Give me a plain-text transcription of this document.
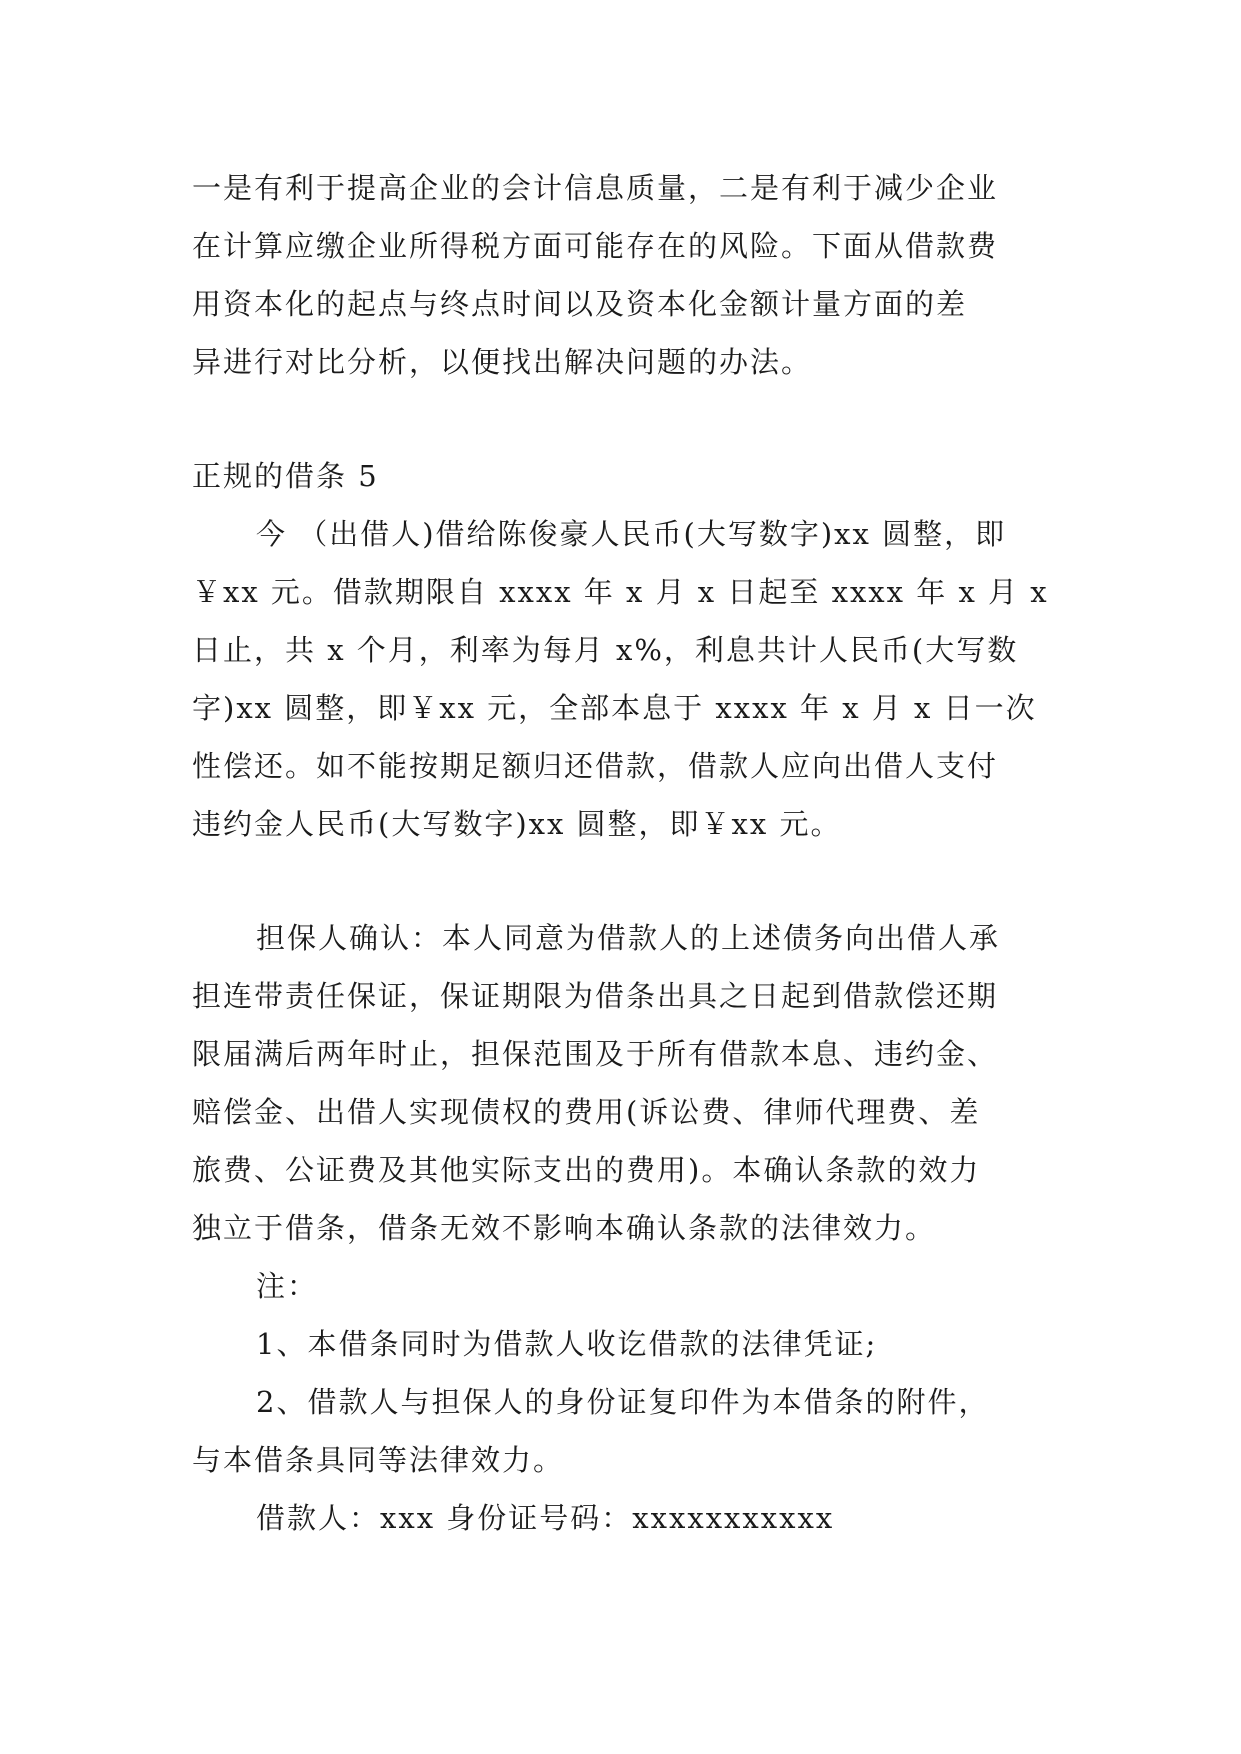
一是有利于提高企业的会计信息质量，二是有利于减少企业
在计算应缴企业所得税方面可能存在的风险。下面从借款费
用资本化的起点与终点时间以及资本化金额计量方面的差
异进行对比分析，以便找出解决问题的办法。
正规的借条 5
今 （出借人)借给陈俊豪人民币(大写数字)xx 圆整，即
￥xx 元。借款期限自 xxxx 年 x 月 x 日起至 xxxx 年 x 月 x
日止，共 x 个月，利率为每月 x%，利息共计人民币(大写数
字)xx 圆整，即￥xx 元，全部本息于 xxxx 年 x 月 x 日一次
性偿还。如不能按期足额归还借款，借款人应向出借人支付
违约金人民币(大写数字)xx 圆整，即￥xx 元。
担保人确认：本人同意为借款人的上述债务向出借人承
担连带责任保证，保证期限为借条出具之日起到借款偿还期
限届满后两年时止，担保范围及于所有借款本息、违约金、
赔偿金、出借人实现债权的费用(诉讼费、律师代理费、差
旅费、公证费及其他实际支出的费用)。本确认条款的效力
独立于借条，借条无效不影响本确认条款的法律效力。
注：
1、本借条同时为借款人收讫借款的法律凭证;
2、借款人与担保人的身份证复印件为本借条的附件，
与本借条具同等法律效力。
借款人：xxx 身份证号码：xxxxxxxxxxx
